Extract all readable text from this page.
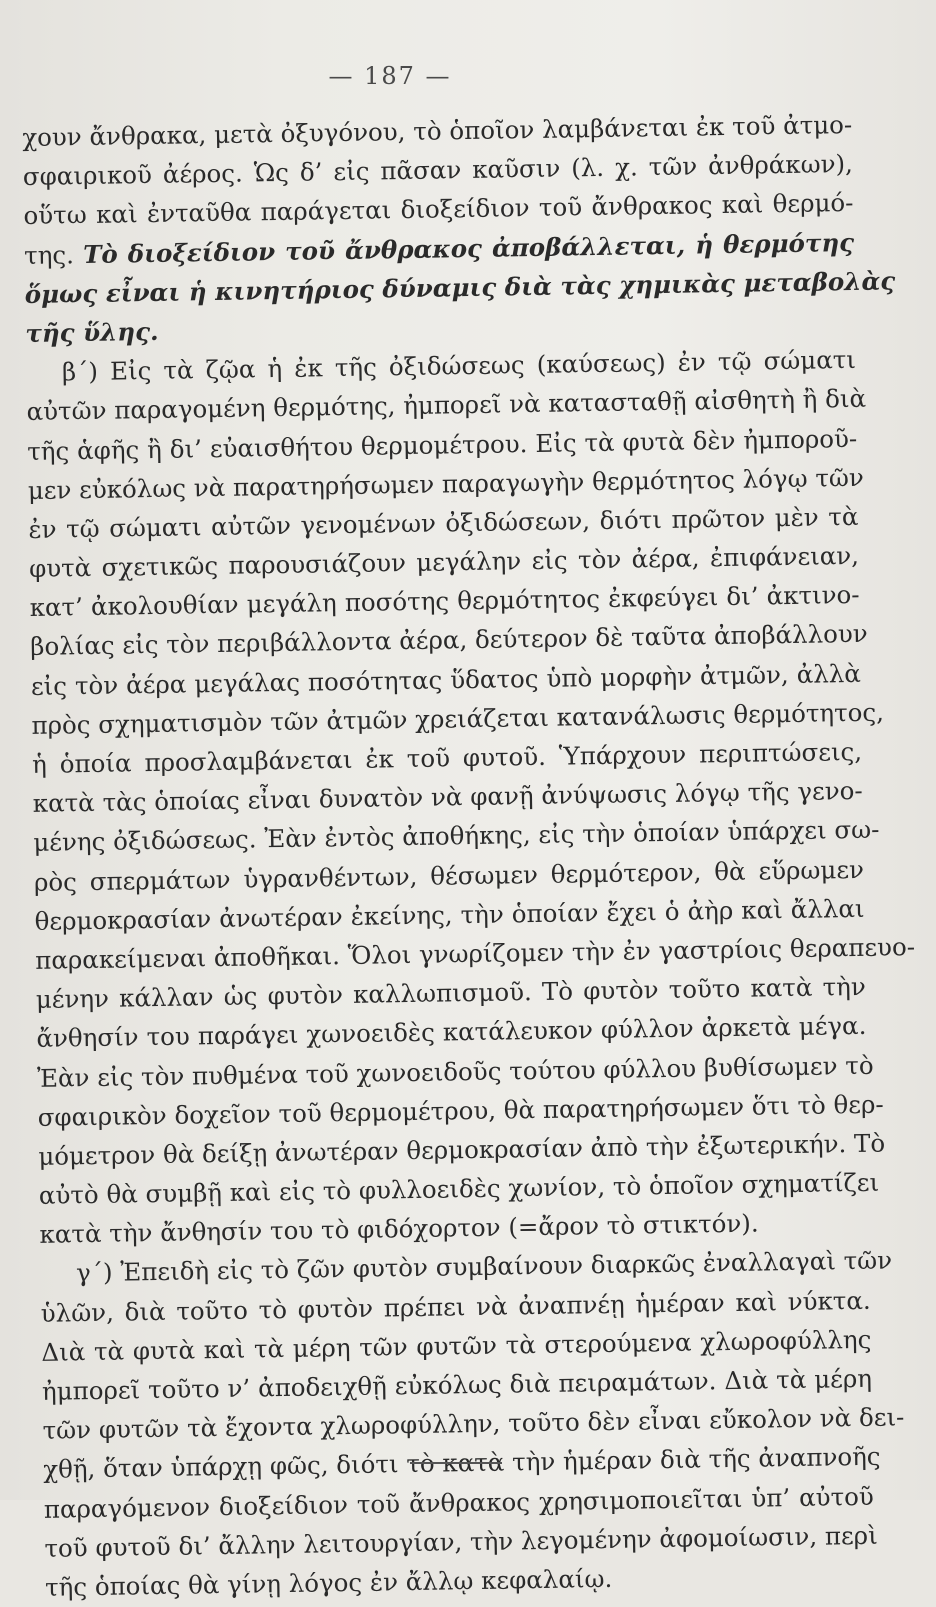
— 187 —
χουν ἄνθρακα, μετὰ ὀξυγόνου, τὸ ὁποῖον λαμβάνεται ἐκ τοῦ ἀτμο-
σφαιρικοῦ ἀέρος. Ὡς δ’ εἰς πᾶσαν καῦσιν (λ. χ. τῶν ἀνθράκων),
οὕτω καὶ ἐνταῦθα παράγεται διοξείδιον τοῦ ἄνθρακος καὶ θερμό-
της. Τὸ διοξείδιον τοῦ ἄνθρακος ἀποβάλλεται, ἡ θερμότης
ὅμως εἶναι ἡ κινητήριος δύναμις διὰ τὰς χημικὰς μεταβολὰς
τῆς ὕλης.
β΄) Εἰς τὰ ζῷα ἡ ἐκ τῆς ὀξιδώσεως (καύσεως) ἐν τῷ σώματι
αὐτῶν παραγομένη θερμότης, ἠμπορεῖ νὰ κατασταθῇ αἰσθητὴ ἢ διὰ
τῆς ἁφῆς ἢ δι’ εὐαισθήτου θερμομέτρου. Εἰς τὰ φυτὰ δὲν ἠμποροῦ-
μεν εὐκόλως νὰ παρατηρήσωμεν παραγωγὴν θερμότητος λόγῳ τῶν
ἐν τῷ σώματι αὐτῶν γενομένων ὀξιδώσεων, διότι πρῶτον μὲν τὰ
φυτὰ σχετικῶς παρουσιάζουν μεγάλην εἰς τὸν ἀέρα, ἐπιφάνειαν,
κατ’ ἀκολουθίαν μεγάλη ποσότης θερμότητος ἐκφεύγει δι’ ἀκτινο-
βολίας εἰς τὸν περιβάλλοντα ἀέρα, δεύτερον δὲ ταῦτα ἀποβάλλουν
εἰς τὸν ἀέρα μεγάλας ποσότητας ὕδατος ὑπὸ μορφὴν ἀτμῶν, ἀλλὰ
πρὸς σχηματισμὸν τῶν ἀτμῶν χρειάζεται κατανάλωσις θερμότητος,
ἡ ὁποία προσλαμβάνεται ἐκ τοῦ φυτοῦ. Ὑπάρχουν περιπτώσεις,
κατὰ τὰς ὁποίας εἶναι δυνατὸν νὰ φανῇ ἀνύψωσις λόγῳ τῆς γενο-
μένης ὀξιδώσεως. Ἐὰν ἐντὸς ἀποθήκης, εἰς τὴν ὁποίαν ὑπάρχει σω-
ρὸς σπερμάτων ὑγρανθέντων, θέσωμεν θερμότερον, θὰ εὕρωμεν
θερμοκρασίαν ἀνωτέραν ἐκείνης, τὴν ὁποίαν ἔχει ὁ ἀὴρ καὶ ἄλλαι
παρακείμεναι ἀποθῆκαι. Ὅλοι γνωρίζομεν τὴν ἐν γαστρίοις θεραπευο-
μένην κάλλαν ὡς φυτὸν καλλωπισμοῦ. Τὸ φυτὸν τοῦτο κατὰ τὴν
ἄνθησίν του παράγει χωνοειδὲς κατάλευκον φύλλον ἀρκετὰ μέγα.
Ἐὰν εἰς τὸν πυθμένα τοῦ χωνοειδοῦς τούτου φύλλου βυθίσωμεν τὸ
σφαιρικὸν δοχεῖον τοῦ θερμομέτρου, θὰ παρατηρήσωμεν ὅτι τὸ θερ-
μόμετρον θὰ δείξῃ ἀνωτέραν θερμοκρασίαν ἀπὸ τὴν ἐξωτερικήν. Τὸ
αὐτὸ θὰ συμβῇ καὶ εἰς τὸ φυλλοειδὲς χωνίον, τὸ ὁποῖον σχηματίζει
κατὰ τὴν ἄνθησίν του τὸ φιδόχορτον (=ἄρον τὸ στικτόν).
γ΄) Ἐπειδὴ εἰς τὸ ζῶν φυτὸν συμβαίνουν διαρκῶς ἐναλλαγαὶ τῶν
ὑλῶν, διὰ τοῦτο τὸ φυτὸν πρέπει νὰ ἀναπνέῃ ἡμέραν καὶ νύκτα.
Διὰ τὰ φυτὰ καὶ τὰ μέρη τῶν φυτῶν τὰ στερούμενα χλωροφύλλης
ἠμπορεῖ τοῦτο ν’ ἀποδειχθῇ εὐκόλως διὰ πειραμάτων. Διὰ τὰ μέρη
τῶν φυτῶν τὰ ἔχοντα χλωροφύλλην, τοῦτο δὲν εἶναι εὔκολον νὰ δει-
χθῇ, ὅταν ὑπάρχῃ φῶς, διότι τὸ κατὰ τὴν ἡμέραν διὰ τῆς ἀναπνοῆς
παραγόμενον διοξείδιον τοῦ ἄνθρακος χρησιμοποιεῖται ὑπ’ αὐτοῦ
τοῦ φυτοῦ δι’ ἄλλην λειτουργίαν, τὴν λεγομένην ἀφομοίωσιν, περὶ
τῆς ὁποίας θὰ γίνῃ λόγος ἐν ἄλλῳ κεφαλαίῳ.
